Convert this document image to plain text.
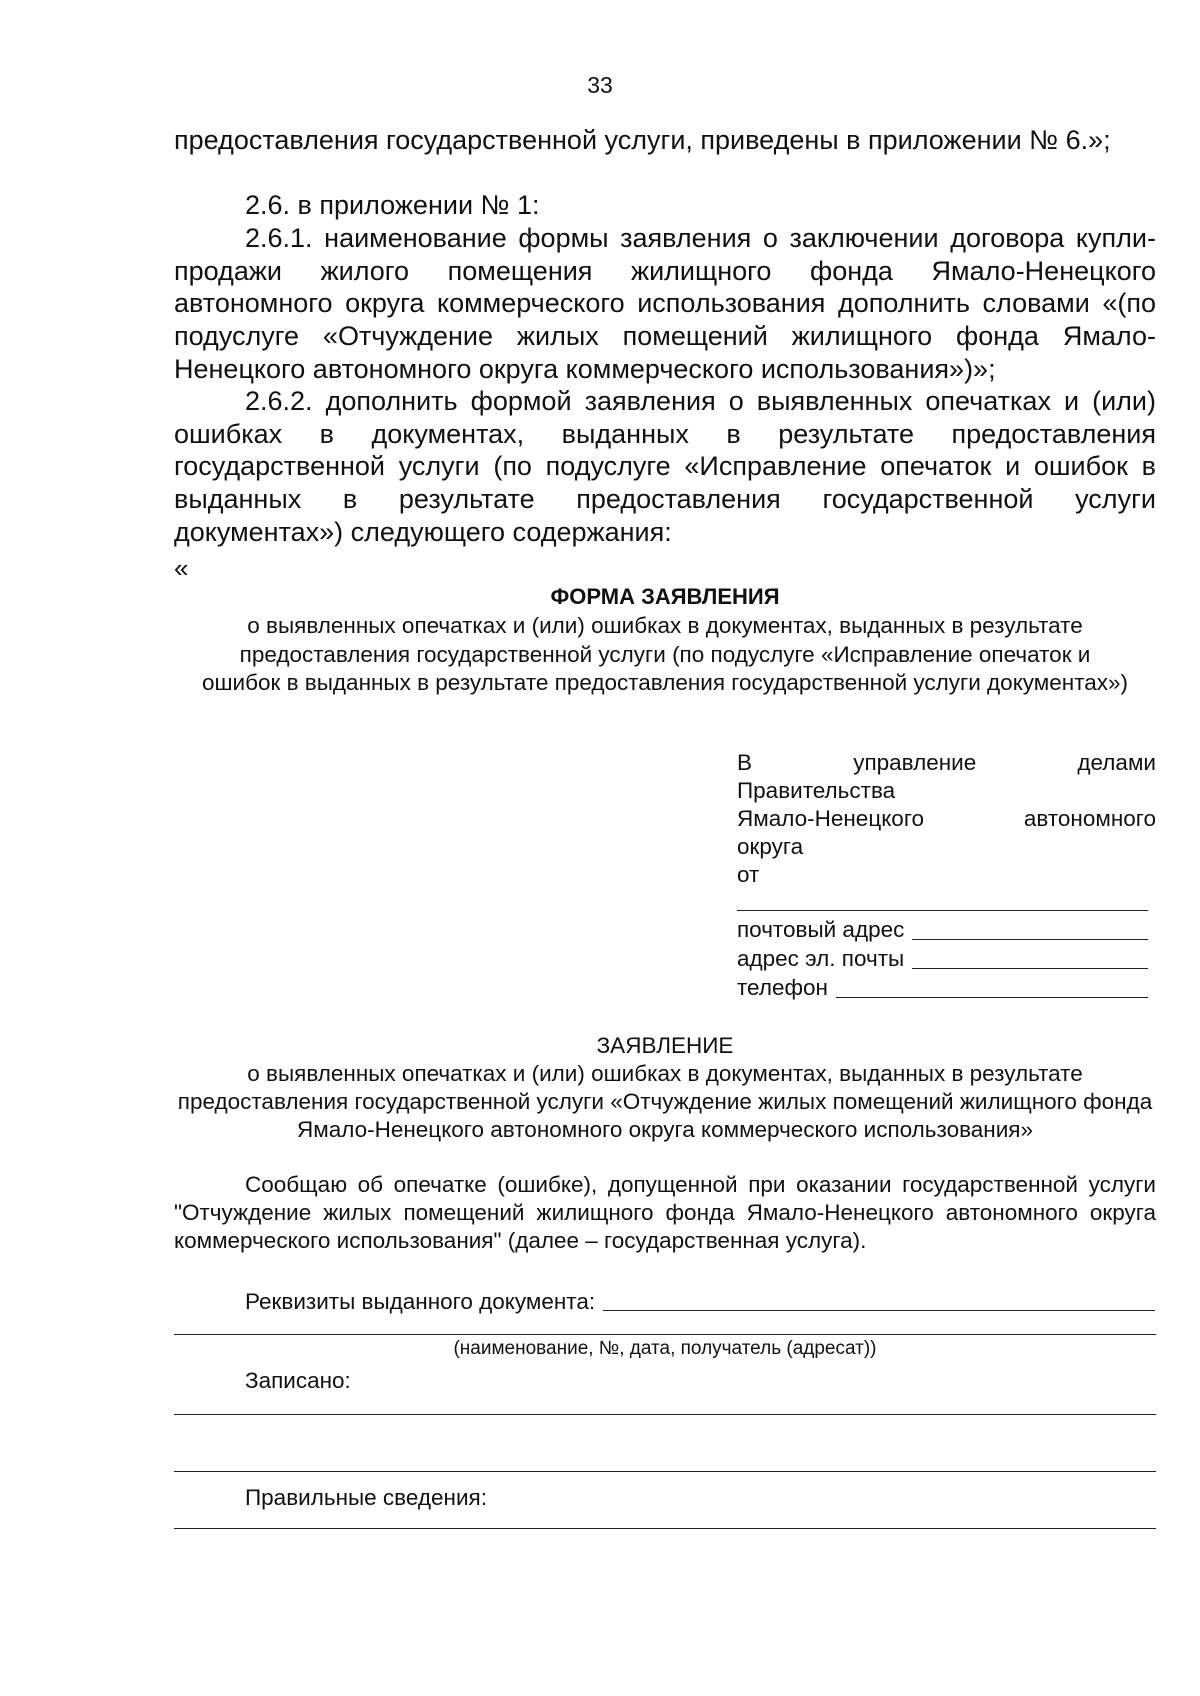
33
предоставления государственной услуги, приведены в приложении № 6.»;
2.6. в приложении № 1:
2.6.1. наименование формы заявления о заключении договора купли-продажи жилого помещения жилищного фонда Ямало-Ненецкого автономного округа коммерческого использования дополнить словами «(по подуслуге «Отчуждение жилых помещений жилищного фонда Ямало-Ненецкого автономного округа коммерческого использования»)»;
2.6.2. дополнить формой заявления о выявленных опечатках и (или) ошибках в документах, выданных в результате предоставления государственной услуги (по подуслуге «Исправление опечаток и ошибок в выданных в результате предоставления государственной услуги документах») следующего содержания:
«
ФОРМА ЗАЯВЛЕНИЯ
о выявленных опечатках и (или) ошибках в документах, выданных в результате предоставления государственной услуги (по подуслуге «Исправление опечаток и ошибок в выданных в результате предоставления государственной услуги документах»)
В	управление	делами
Правительства
Ямало-Ненецкого	автономного
округа
от
почтовый адрес
адрес эл. почты
телефон
ЗАЯВЛЕНИЕ
о выявленных опечатках и (или) ошибках в документах, выданных в результате предоставления государственной услуги «Отчуждение жилых помещений жилищного фонда Ямало-Ненецкого автономного округа коммерческого использования»
Сообщаю об опечатке (ошибке), допущенной при оказании государственной услуги "Отчуждение жилых помещений жилищного фонда Ямало-Ненецкого автономного округа коммерческого использования" (далее – государственная услуга).
Реквизиты выданного документа:
(наименование, №, дата, получатель (адресат))
Записано:
Правильные сведения:
